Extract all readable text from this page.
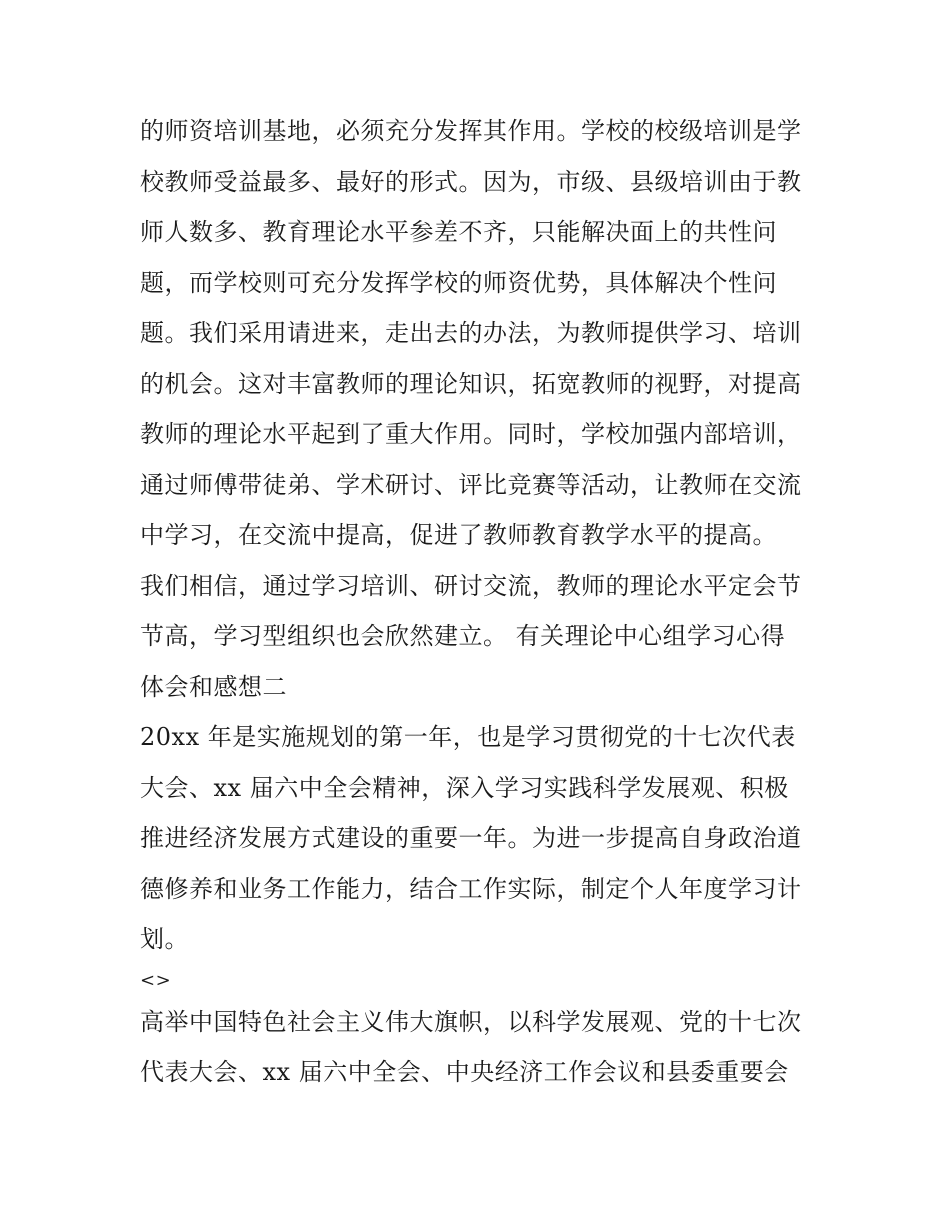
的师资培训基地，必须充分发挥其作用。学校的校级培训是学
校教师受益最多、最好的形式。因为，市级、县级培训由于教
师人数多、教育理论水平参差不齐，只能解决面上的共性问
题，而学校则可充分发挥学校的师资优势，具体解决个性问
题。我们采用请进来，走出去的办法，为教师提供学习、培训
的机会。这对丰富教师的理论知识，拓宽教师的视野，对提高
教师的理论水平起到了重大作用。同时，学校加强内部培训，
通过师傅带徒弟、学术研讨、评比竞赛等活动，让教师在交流
中学习，在交流中提高，促进了教师教育教学水平的提高。
我们相信，通过学习培训、研讨交流，教师的理论水平定会节
节高，学习型组织也会欣然建立。 有关理论中心组学习心得
体会和感想二
20xx 年是实施规划的第一年，也是学习贯彻党的十七次代表
大会、xx 届六中全会精神，深入学习实践科学发展观、积极
推进经济发展方式建设的重要一年。为进一步提高自身政治道
德修养和业务工作能力，结合工作实际，制定个人年度学习计
划。
<>
高举中国特色社会主义伟大旗帜，以科学发展观、党的十七次
代表大会、xx 届六中全会、中央经济工作会议和县委重要会
